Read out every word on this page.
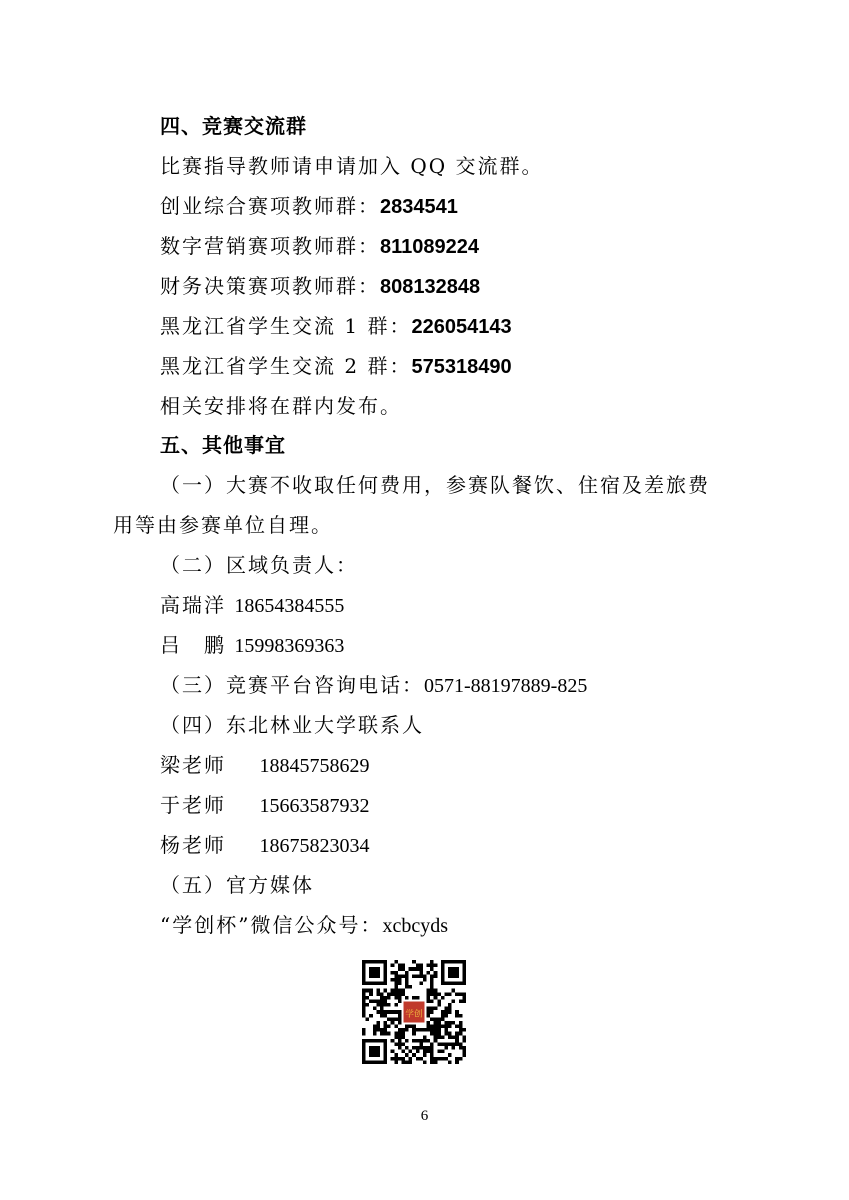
四、竞赛交流群
比赛指导教师请申请加入 QQ 交流群。
创业综合赛项教师群：2834541
数字营销赛项教师群：811089224
财务决策赛项教师群：808132848
黑龙江省学生交流 1 群：226054143
黑龙江省学生交流 2 群：575318490
相关安排将在群内发布。
五、其他事宜
（一）大赛不收取任何费用，参赛队餐饮、住宿及差旅费
用等由参赛单位自理。
（二）区域负责人：
高瑞洋 18654384555
吕　鹏 15998369363
（三）竞赛平台咨询电话：0571-88197889-825
（四）东北林业大学联系人
梁老师 18845758629
于老师 15663587932
杨老师 18675823034
（五）官方媒体
“学创杯”微信公众号：xcbcyds
学创
6
